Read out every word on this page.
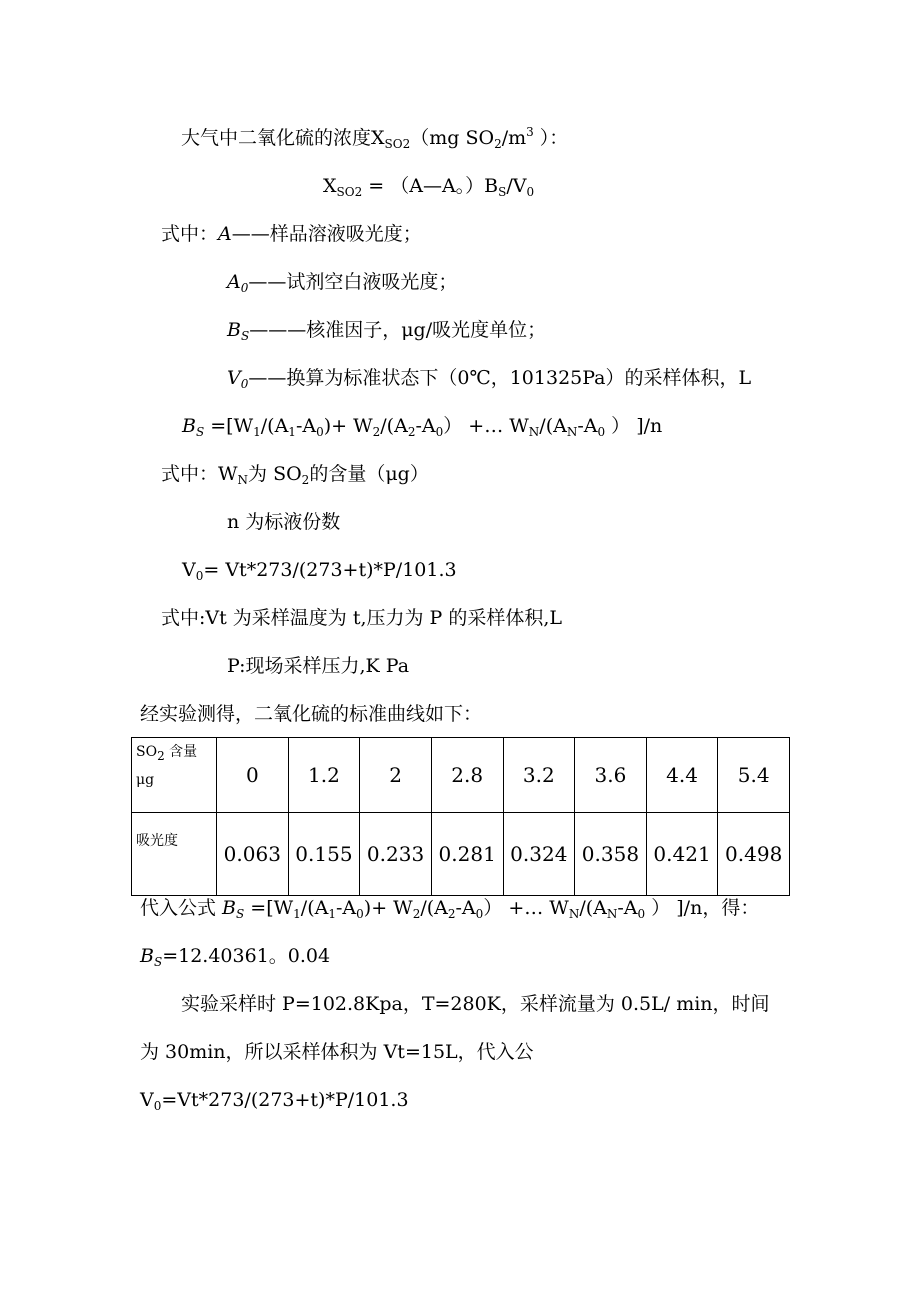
大气中二氧化硫的浓度$X_{SO2}(mg$ $SO_2/m^3$ ）：
$X_{SO2}$ = （A—A。）$B_S/V_0$
式中：A——样品溶液吸光度；
$A_0——$试剂空白液吸光度；
$B_S———$核准因子，μg/吸光度单位；
$V_0——$换算为标准状态下（0℃，101325Pa）的采样体积，L
$B_S =[W_1/(A_1-A_0)+ W_2/(A_2-A_0)$ +… $W_N/(A_N-A_0$ ） ]/n
式中：$W_N$为 $SO_2$的含量（μg）
n 为标液份数
$V_0= Vt*273/(273+t)*P/101.3$
式中:Vt 为采样温度为 t,压力为 P 的采样体积,L
P:现场采样压力,K Pa
经实验测得，二氧化硫的标准曲线如下：
$SO_2$ 含量 μg	0	1.2	2	2.8	3.2	3.6	4.4	5.4
吸光度	0.063	0.155	0.233	0.281	0.324	0.358	0.421	0.498
代入公式 $B_S =[W_1/(A_1-A_0)+ W_2/(A_2-A_0)$ +… $W_N/(A_N-A_0$ ） ]/n，得：
$B_S=12.40361$。0.04
实验采样时 P=102.8Kpa，T=280K，采样流量为 0.5L/ min，时间
为 30min，所以采样体积为 Vt=15L，代入公
$V_0=Vt*273/(273+t)*P/101.3$
